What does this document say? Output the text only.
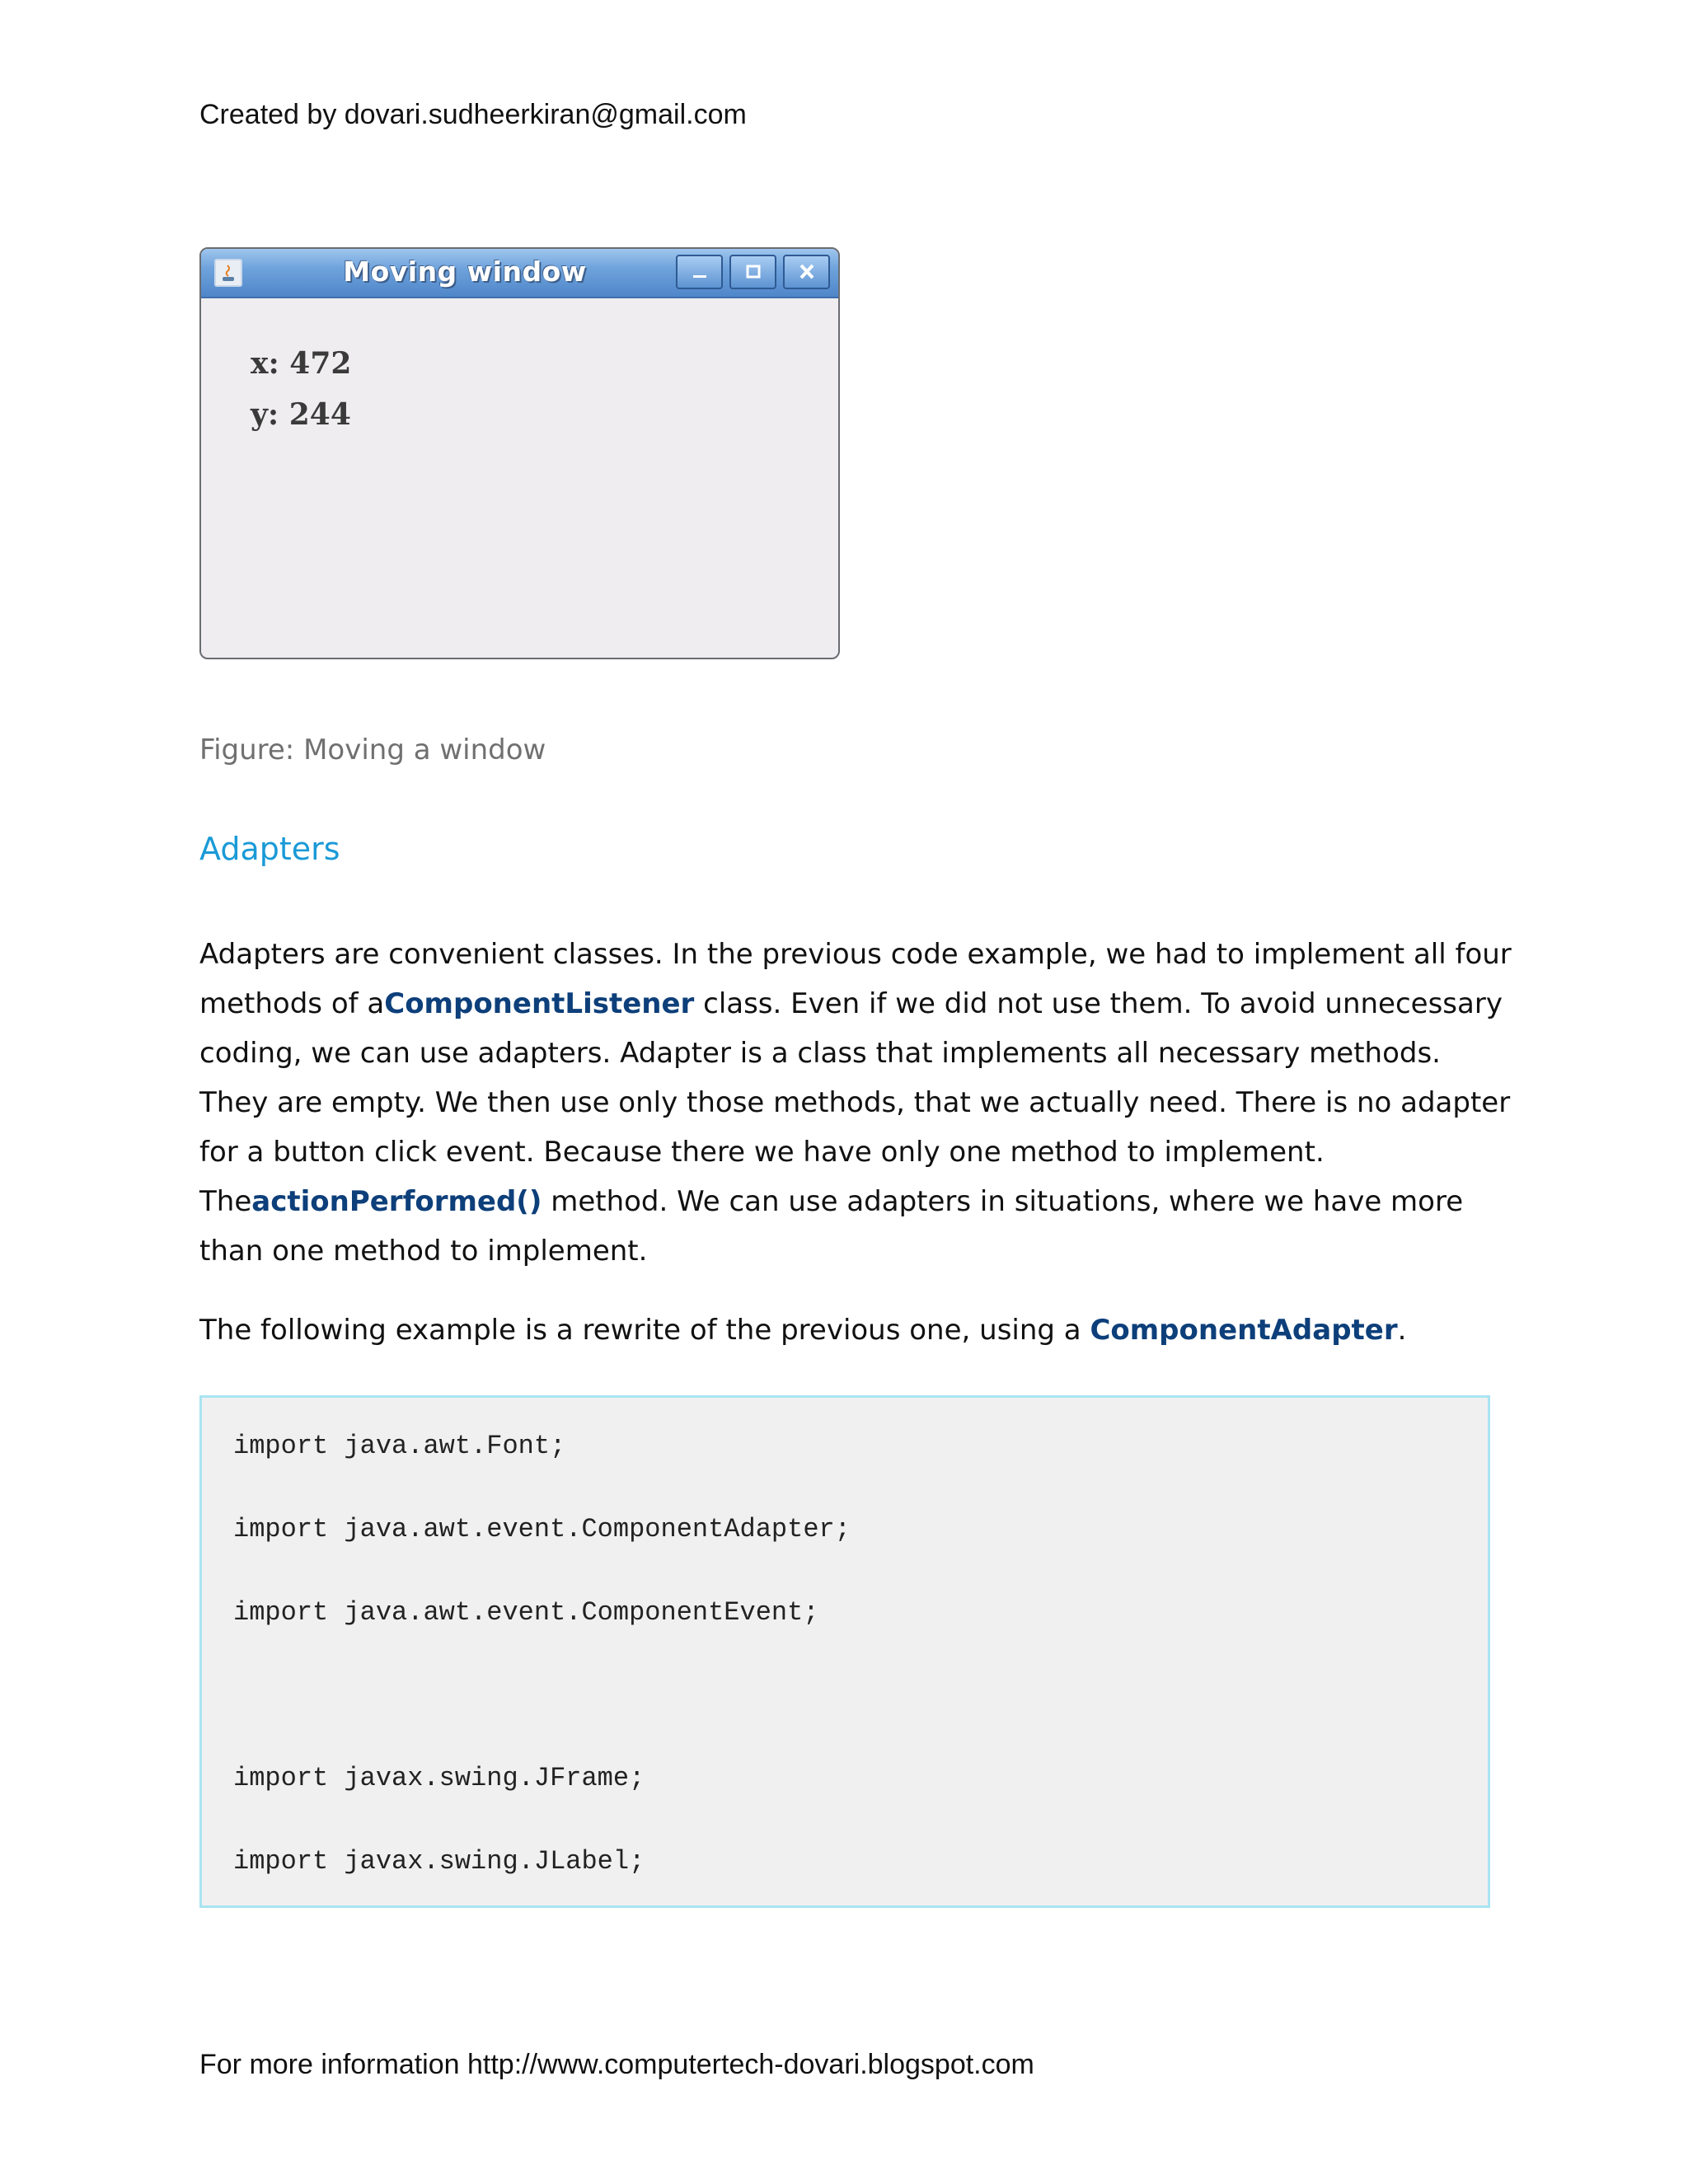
Created by dovari.sudheerkiran@gmail.com

Moving window

x: 472

y: 244

Figure: Moving a window

Adapters

Adapters are convenient classes. In the previous code example, we had to implement all four methods of aComponentListener class. Even if we did not use them. To avoid unnecessary coding, we can use adapters. Adapter is a class that implements all necessary methods. They are empty. We then use only those methods, that we actually need. There is no adapter for a button click event. Because there we have only one method to implement. TheactionPerformed() method. We can use adapters in situations, where we have more than one method to implement.

The following example is a rewrite of the previous one, using a ComponentAdapter.

import java.awt.Font;

import java.awt.event.ComponentAdapter;

import java.awt.event.ComponentEvent;

import javax.swing.JFrame;

import javax.swing.JLabel;

For more information http://www.computertech-dovari.blogspot.com
